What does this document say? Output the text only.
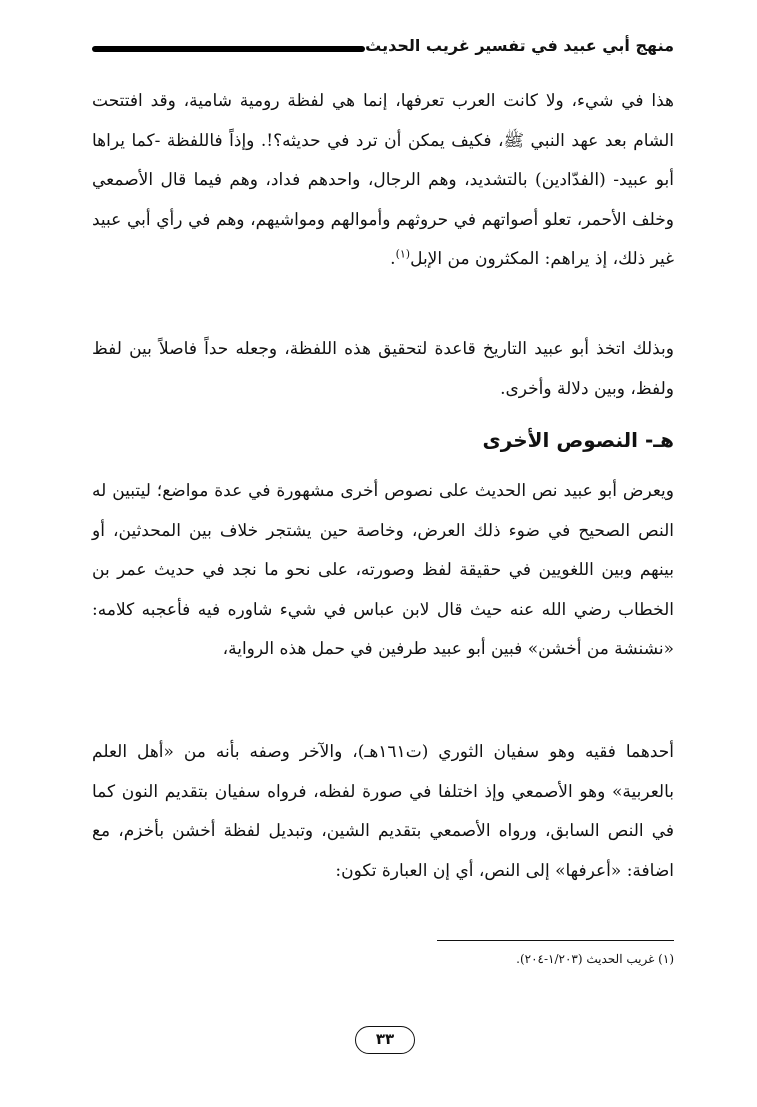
منهج أبي عبيد في تفسير غريب الحديث

هذا في شيء، ولا كانت العرب تعرفها، إنما هي لفظة رومية شامية، وقد افتتحت الشام بعد عهد النبي ﷺ، فكيف يمكن أن ترد في حديثه؟!. وإذاً فاللفظة -كما يراها أبو عبيد- (الفدّادين) بالتشديد، وهم الرجال، واحدهم فداد، وهم فيما قال الأصمعي وخلف الأحمر، تعلو أصواتهم في حروثهم وأموالهم ومواشيهم، وهم في رأي أبي عبيد غير ذلك، إذ يراهم: المكثرون من الإبل$^{(١)}$.

وبذلك اتخذ أبو عبيد التاريخ قاعدة لتحقيق هذه اللفظة، وجعله حداً فاصلاً بين لفظ ولفظ، وبين دلالة وأخرى.

هـ- النصوص الأخرى

ويعرض أبو عبيد نص الحديث على نصوص أخرى مشهورة في عدة مواضع؛ ليتبين له النص الصحيح في ضوء ذلك العرض، وخاصة حين يشتجر خلاف بين المحدثين، أو بينهم وبين اللغويين في حقيقة لفظ وصورته، على نحو ما نجد في حديث عمر بن الخطاب رضي الله عنه حيث قال لابن عباس في شيء شاوره فيه فأعجبه كلامه: «نشنشة من أخشن» فبين أبو عبيد طرفين في حمل هذه الرواية،

أحدهما فقيه وهو سفيان الثوري (ت١٦١هـ)، والآخر وصفه بأنه من «أهل العلم بالعربية» وهو الأصمعي وإذ اختلفا في صورة لفظه، فرواه سفيان بتقديم النون كما في النص السابق، ورواه الأصمعي بتقديم الشين، وتبديل لفظة أخشن بأخزم، مع اضافة: «أعرفها» إلى النص، أي إن العبارة تكون:

(١) غريب الحديث (١/٢٠٣-٢٠٤).
٣٣
